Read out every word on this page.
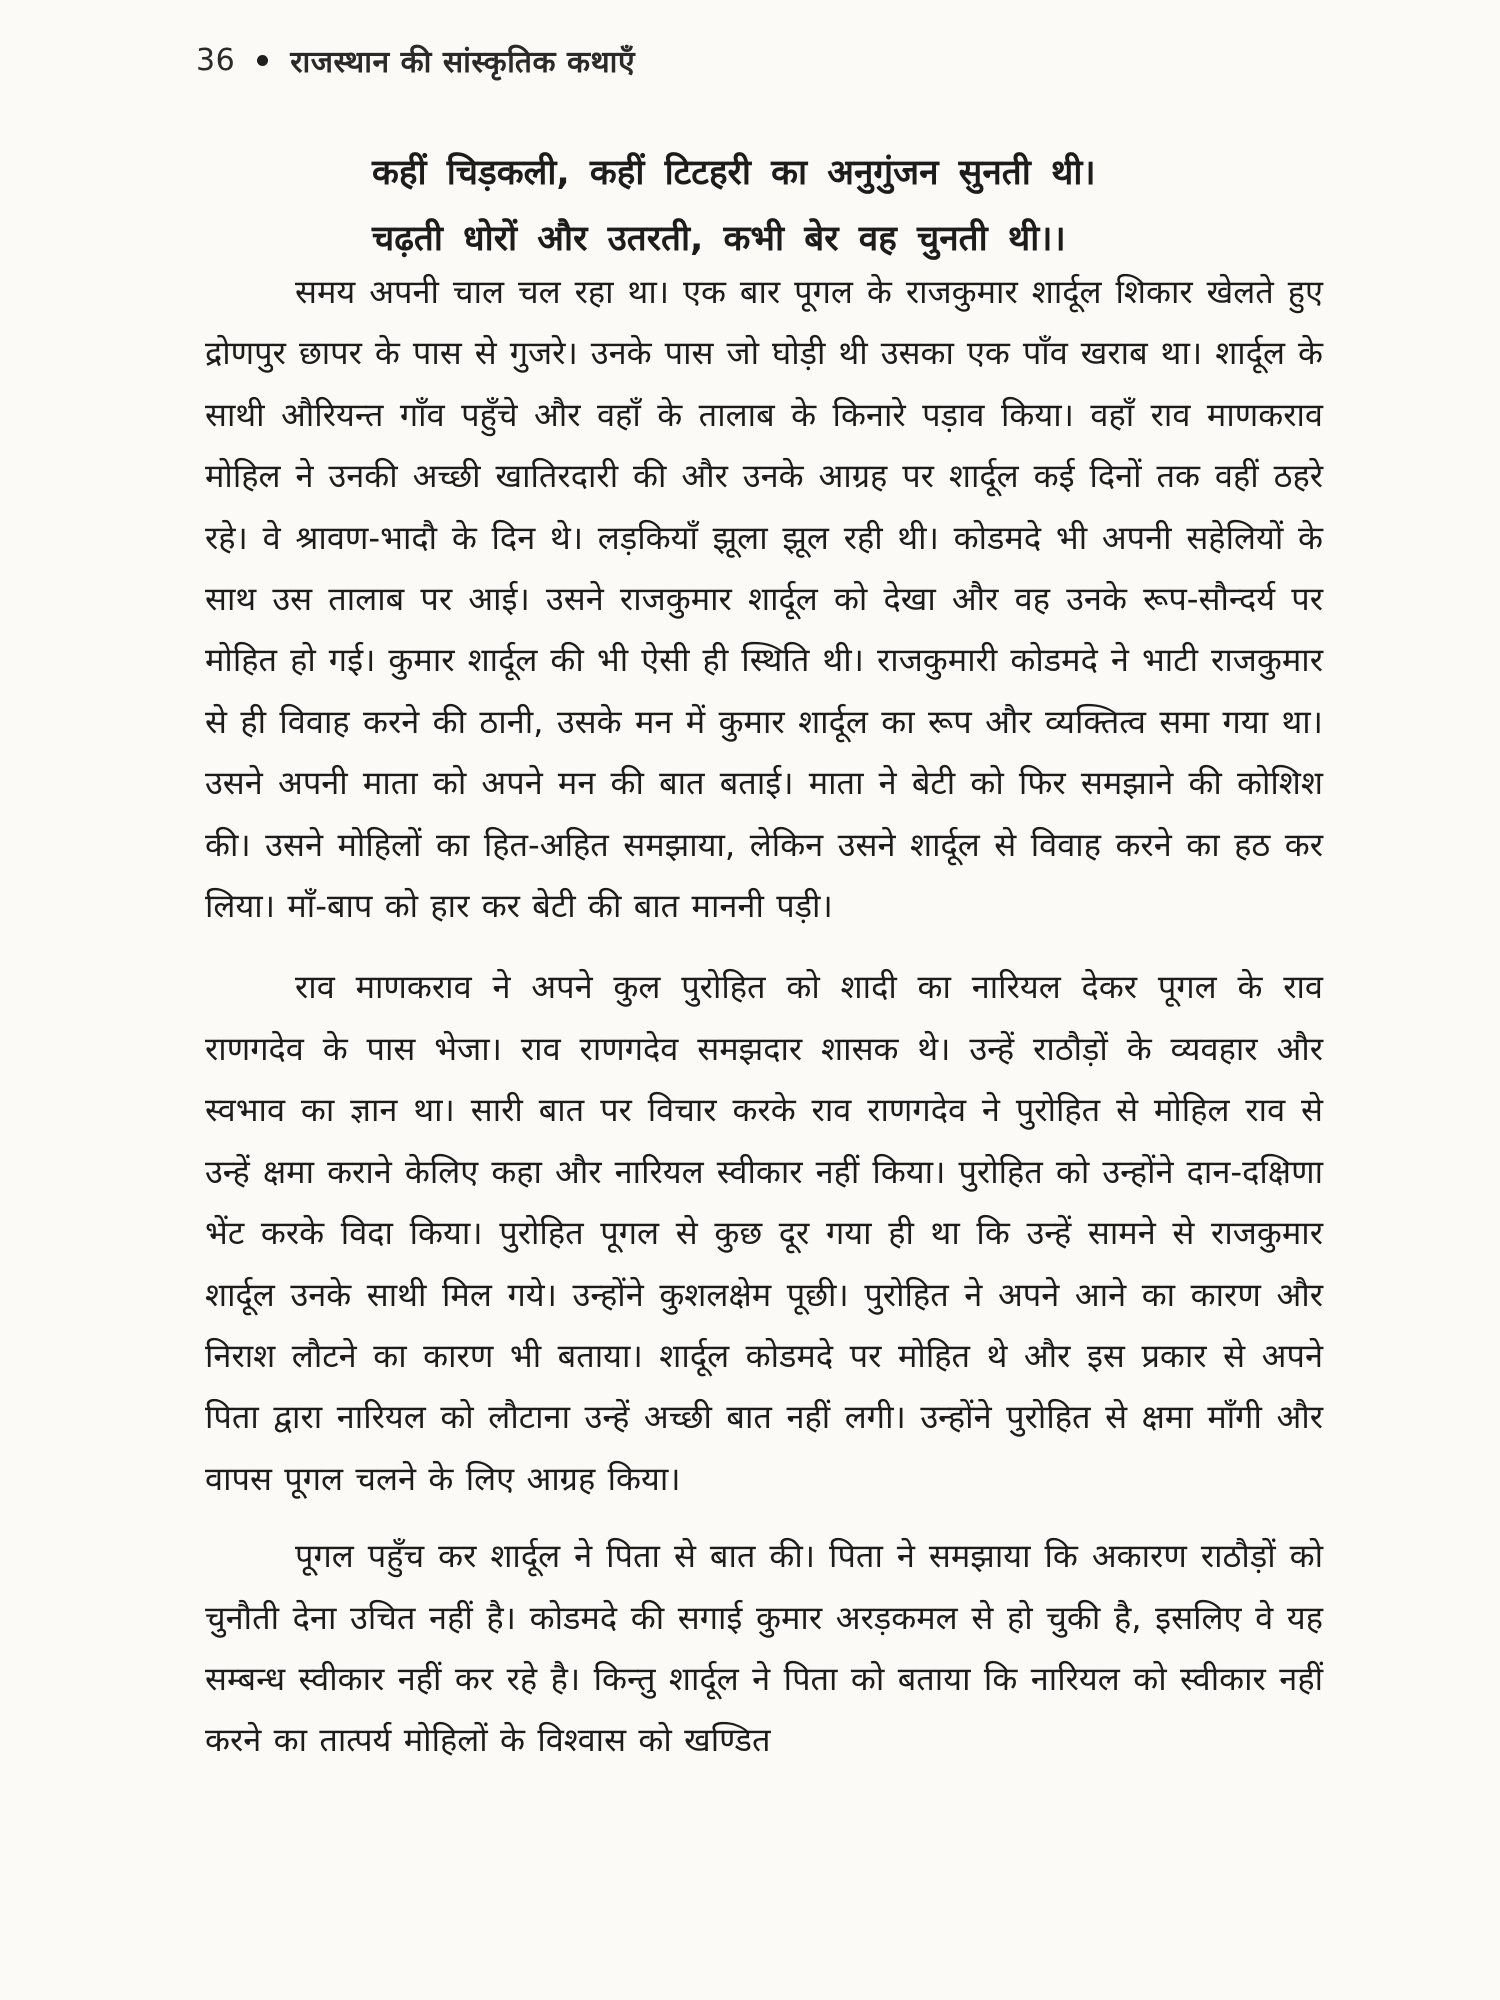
36 राजस्थान की सांस्कृतिक कथाएँ
कहीं चिड़कली, कहीं टिटहरी का अनुगुंजन सुनती थी।
चढ़ती धोरों और उतरती, कभी बेर वह चुनती थी।।

समय अपनी चाल चल रहा था। एक बार पूगल के राजकुमार शार्दूल शिकार खेलते हुए द्रोणपुर छापर के पास से गुजरे। उनके पास जो घोड़ी थी उसका एक पाँव खराब था। शार्दूल के साथी औरियन्त गाँव पहुँचे और वहाँ के तालाब के किनारे पड़ाव किया। वहाँ राव माणकराव मोहिल ने उनकी अच्छी खातिरदारी की और उनके आग्रह पर शार्दूल कई दिनों तक वहीं ठहरे रहे। वे श्रावण-भादौ के दिन थे। लड़कियाँ झूला झूल रही थी। कोडमदे भी अपनी सहेलियों के साथ उस तालाब पर आई। उसने राजकुमार शार्दूल को देखा और वह उनके रूप-सौन्दर्य पर मोहित हो गई। कुमार शार्दूल की भी ऐसी ही स्थिति थी। राजकुमारी कोडमदे ने भाटी राजकुमार से ही विवाह करने की ठानी, उसके मन में कुमार शार्दूल का रूप और व्यक्तित्व समा गया था। उसने अपनी माता को अपने मन की बात बताई। माता ने बेटी को फिर समझाने की कोशिश की। उसने मोहिलों का हित-अहित समझाया, लेकिन उसने शार्दूल से विवाह करने का हठ कर लिया। माँ-बाप को हार कर बेटी की बात माननी पड़ी।

राव माणकराव ने अपने कुल पुरोहित को शादी का नारियल देकर पूगल के राव राणगदेव के पास भेजा। राव राणगदेव समझदार शासक थे। उन्हें राठौड़ों के व्यवहार और स्वभाव का ज्ञान था। सारी बात पर विचार करके राव राणगदेव ने पुरोहित से मोहिल राव से उन्हें क्षमा कराने केलिए कहा और नारियल स्वीकार नहीं किया। पुरोहित को उन्होंने दान-दक्षिणा भेंट करके विदा किया। पुरोहित पूगल से कुछ दूर गया ही था कि उन्हें सामने से राजकुमार शार्दूल उनके साथी मिल गये। उन्होंने कुशलक्षेम पूछी। पुरोहित ने अपने आने का कारण और निराश लौटने का कारण भी बताया। शार्दूल कोडमदे पर मोहित थे और इस प्रकार से अपने पिता द्वारा नारियल को लौटाना उन्हें अच्छी बात नहीं लगी। उन्होंने पुरोहित से क्षमा माँगी और वापस पूगल चलने के लिए आग्रह किया।

पूगल पहुँच कर शार्दूल ने पिता से बात की। पिता ने समझाया कि अकारण राठौड़ों को चुनौती देना उचित नहीं है। कोडमदे की सगाई कुमार अरड़कमल से हो चुकी है, इसलिए वे यह सम्बन्ध स्वीकार नहीं कर रहे है। किन्तु शार्दूल ने पिता को बताया कि नारियल को स्वीकार नहीं करने का तात्पर्य मोहिलों के विश्वास को खण्डित
